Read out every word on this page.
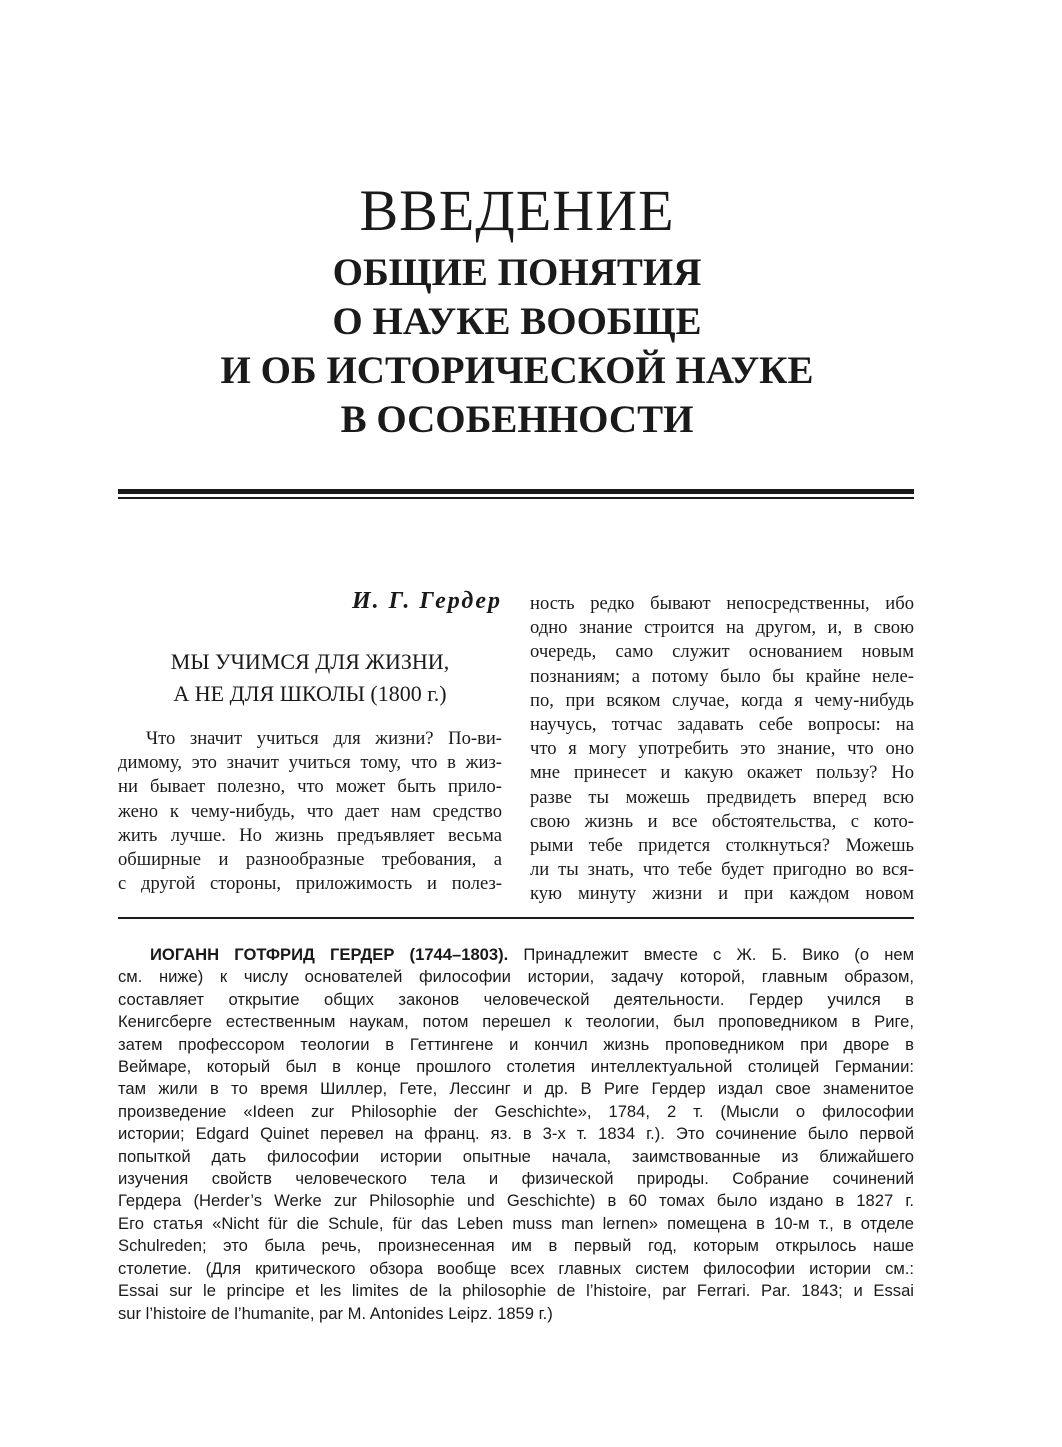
ВВЕДЕНИЕ
ОБЩИЕ ПОНЯТИЯ
О НАУКЕ ВООБЩЕ
И ОБ ИСТОРИЧЕСКОЙ НАУКЕ
В ОСОБЕННОСТИ
И. Г. Гердер
МЫ УЧИМСЯ ДЛЯ ЖИЗНИ,
А НЕ ДЛЯ ШКОЛЫ (1800 г.)
Что значит учиться для жизни? По-ви-
димому, это значит учиться тому, что в жиз-
ни бывает полезно, что может быть прило-
жено к чему-нибудь, что дает нам средство
жить лучше. Но жизнь предъявляет весьма
обширные и разнообразные требования, а
с другой стороны, приложимость и полез-
ность редко бывают непосредственны, ибо
одно знание строится на другом, и, в свою
очередь, само служит основанием новым
познаниям; а потому было бы крайне неле-
по, при всяком случае, когда я чему-нибудь
научусь, тотчас задавать себе вопросы: на
что я могу употребить это знание, что оно
мне принесет и какую окажет пользу? Но
разве ты можешь предвидеть вперед всю
свою жизнь и все обстоятельства, с кото-
рыми тебе придется столкнуться? Можешь
ли ты знать, что тебе будет пригодно во вся-
кую минуту жизни и при каждом новом
ИОГАНН ГОТФРИД ГЕРДЕР (1744–1803). Принадлежит вместе с Ж. Б. Вико (о нем
см. ниже) к числу основателей философии истории, задачу которой, главным образом,
составляет открытие общих законов человеческой деятельности. Гердер учился в
Кенигсберге естественным наукам, потом перешел к теологии, был проповедником в Риге,
затем профессором теологии в Геттингене и кончил жизнь проповедником при дворе в
Веймаре, который был в конце прошлого столетия интеллектуальной столицей Германии:
там жили в то время Шиллер, Гете, Лессинг и др. В Риге Гердер издал свое знаменитое
произведение «Ideen zur Philosophie der Geschichte», 1784, 2 т. (Мысли о философии
истории; Edgard Quinet перевел на франц. яз. в 3-х т. 1834 г.). Это сочинение было первой
попыткой дать философии истории опытные начала, заимствованные из ближайшего
изучения свойств человеческого тела и физической природы. Собрание сочинений
Гердера (Herder’s Werke zur Philosophie und Geschichte) в 60 томах было издано в 1827 г.
Его статья «Nicht für die Schule, für das Leben muss man lernen» помещена в 10-м т., в отделе
Schulreden; это была речь, произнесенная им в первый год, которым открылось наше
столетие. (Для критического обзора вообще всех главных систем философии истории см.:
Essai sur le principe et les limites de la philosophie de l’histoire, par Ferrari. Par. 1843; и Essai
sur l’histoire de l’humanite, par M. Antonides Leipz. 1859 г.)
